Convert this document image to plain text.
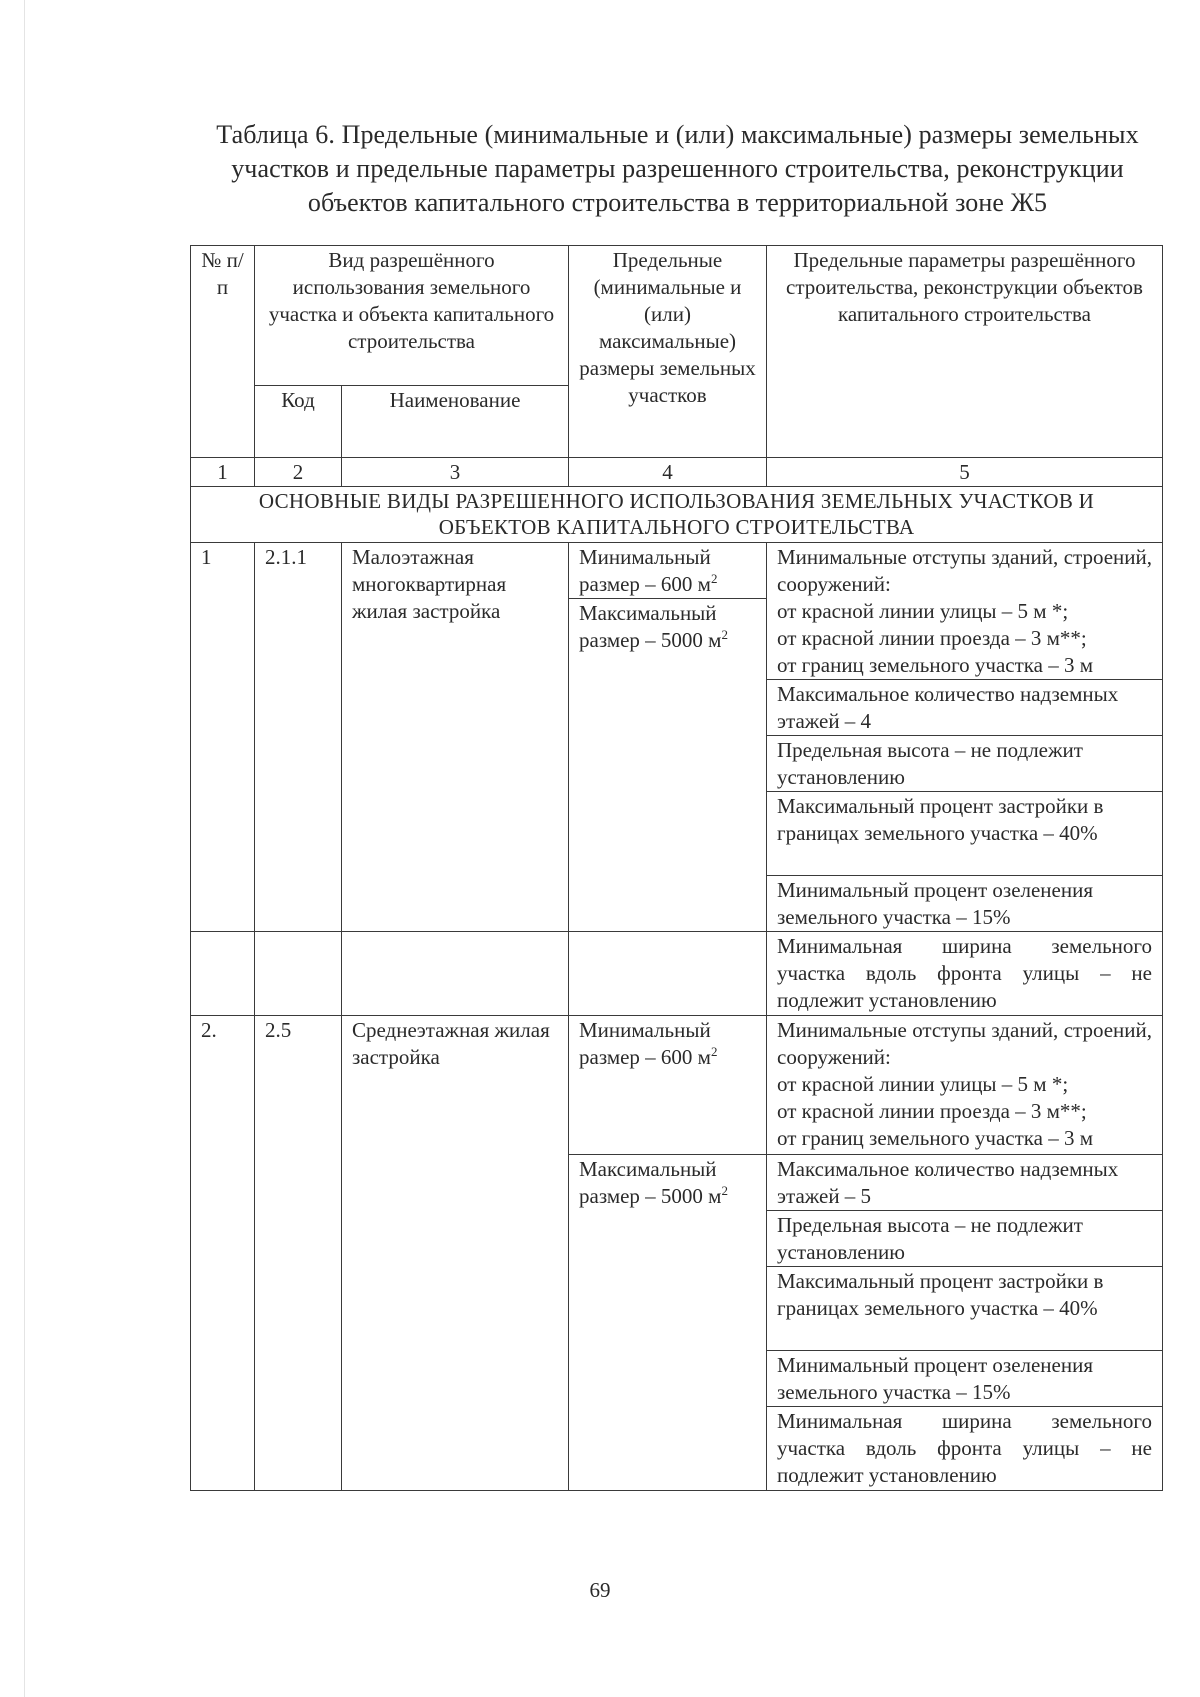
Таблица 6. Предельные (минимальные и (или) максимальные) размеры земельных участков и предельные параметры разрешенного строительства, реконструкции объектов капитального строительства в территориальной зоне Ж5
№ п/п	Вид разрешённого использования земельного участка и объекта капитального строительства		Предельные (минимальные и (или) максимальные) размеры земельных участков	Предельные параметры разрешённого строительства, реконструкции объектов капитального строительства
	Код	Наименование		
1	2	3	4	5
ОСНОВНЫЕ ВИДЫ РАЗРЕШЕННОГО ИСПОЛЬЗОВАНИЯ ЗЕМЕЛЬНЫХ УЧАСТКОВ И ОБЪЕКТОВ КАПИТАЛЬНОГО СТРОИТЕЛЬСТВА				
1	2.1.1	Малоэтажная многоквартирная жилая застройка	Минимальный размер – 600 $м^2$	Минимальные отступы зданий, строений, сооружений:
от красной линии улицы – 5 м *;
от красной линии проезда – 3 м**;
от границ земельного участка – 3 м

			Максимальный размер – 5000 $м^2$
				Максимальное количество надземных этажей – 4
				Предельная высота – не подлежит установлению
				Максимальный процент застройки в границах земельного участка – 40%
				Минимальный процент озеленения земельного участка – 15%
				Минимальная ширина земельного участка вдоль фронта улицы – не подлежит установлению
2.	2.5	Среднеэтажная жилая застройка	Минимальный размер – 600 $м^2$	Минимальные отступы зданий, строений, сооружений:
от красной линии улицы – 5 м *;
от красной линии проезда – 3 м**;
от границ земельного участка – 3 м

			Максимальный размер – 5000 $м^2$	Максимальное количество надземных этажей – 5
				Предельная высота – не подлежит установлению
				Максимальный процент застройки в границах земельного участка – 40%
				Минимальный процент озеленения земельного участка – 15%
				Минимальная ширина земельного участка вдоль фронта улицы – не подлежит установлению
69
